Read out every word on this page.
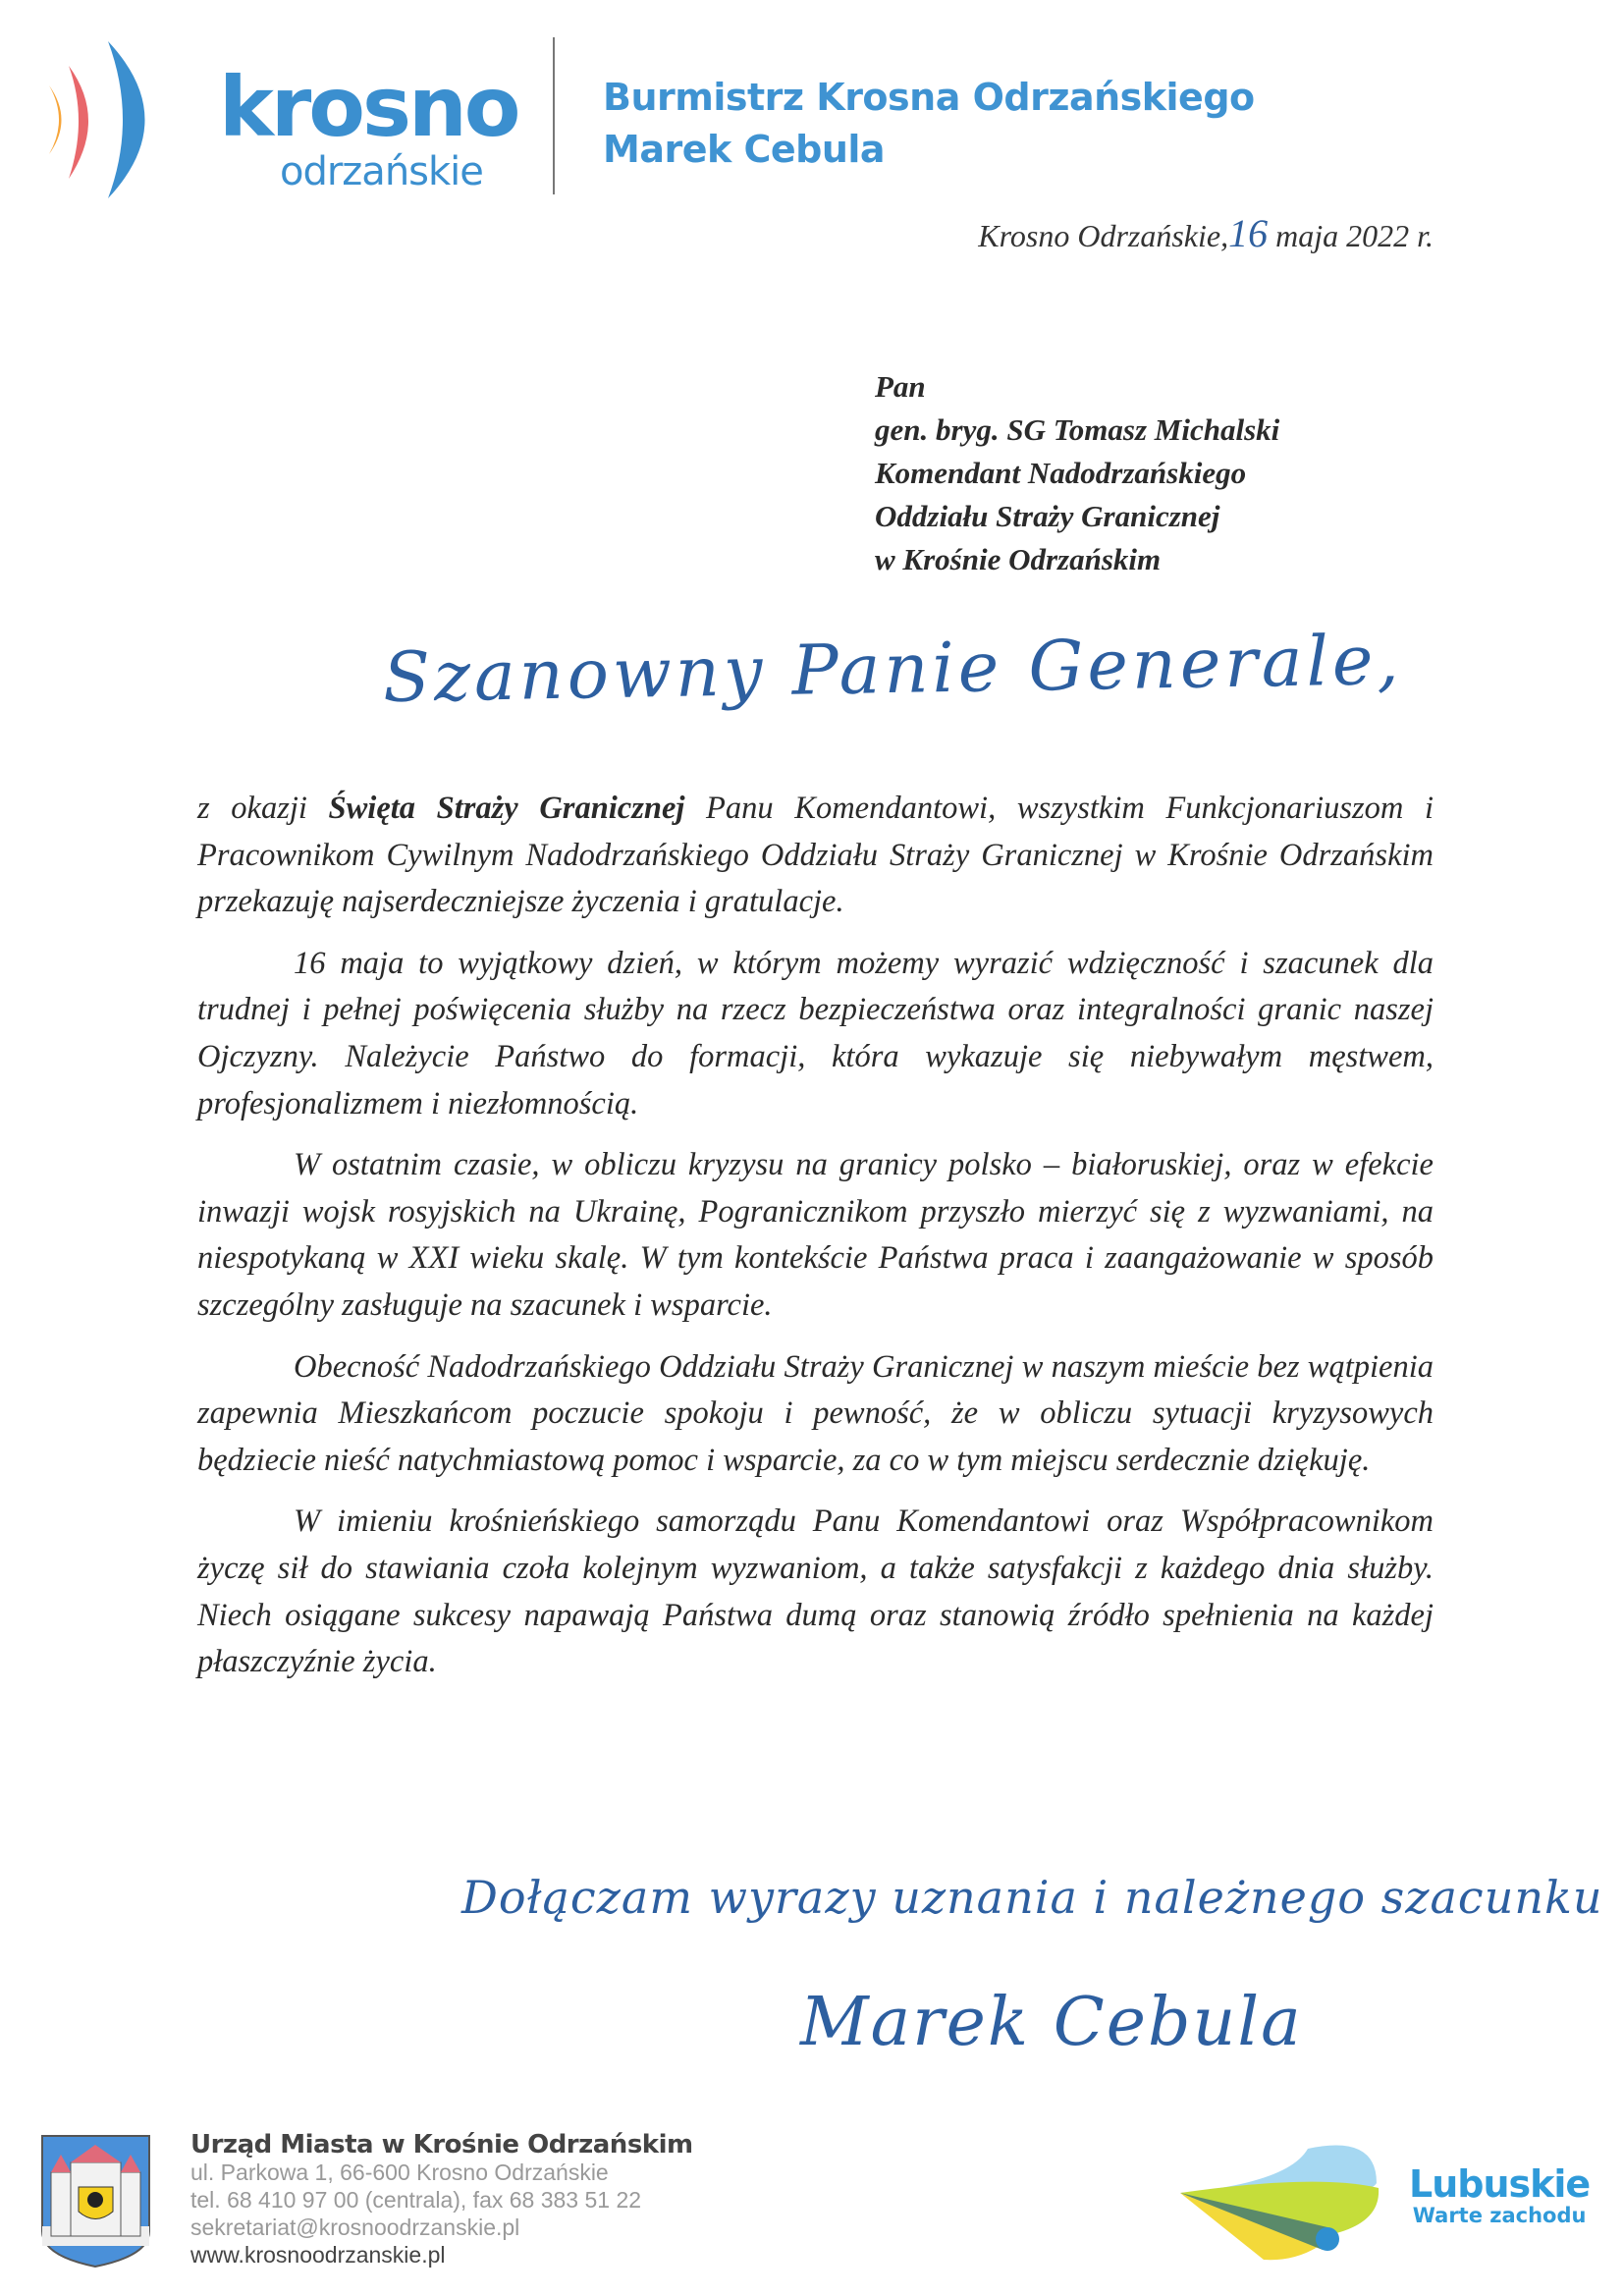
krosno
odrzańskie
Burmistrz Krosna Odrzańskiego
Marek Cebula
Krosno Odrzańskie,16 maja 2022 r.
Pan
gen. bryg. SG Tomasz Michalski
Komendant Nadodrzańskiego
Oddziału Straży Granicznej
w Krośnie Odrzańskim
Szanowny Panie Generale,

z okazji Święta Straży Granicznej Panu Komendantowi, wszystkim Funkcjonariuszom i Pracownikom Cywilnym Nadodrzańskiego Oddziału Straży Granicznej w Krośnie Odrzańskim przekazuję najserdeczniejsze życzenia i gratulacje.

16 maja to wyjątkowy dzień, w którym możemy wyrazić wdzięczność i szacunek dla trudnej i pełnej poświęcenia służby na rzecz bezpieczeństwa oraz integralności granic naszej Ojczyzny. Należycie Państwo do formacji, która wykazuje się niebywałym męstwem, profesjonalizmem i niezłomnością.

W ostatnim czasie, w obliczu kryzysu na granicy polsko – białoruskiej, oraz w efekcie inwazji wojsk rosyjskich na Ukrainę, Pogranicznikom przyszło mierzyć się z wyzwaniami, na niespotykaną w XXI wieku skalę. W tym kontekście Państwa praca i zaangażowanie w sposób szczególny zasługuje na szacunek i wsparcie.

Obecność Nadodrzańskiego Oddziału Straży Granicznej w naszym mieście bez wątpienia zapewnia Mieszkańcom poczucie spokoju i pewność, że w obliczu sytuacji kryzysowych będziecie nieść natychmiastową pomoc i wsparcie, za co w tym miejscu serdecznie dziękuję.

W imieniu krośnieńskiego samorządu Panu Komendantowi oraz Współpracownikom życzę sił do stawiania czoła kolejnym wyzwaniom, a także satysfakcji z każdego dnia służby. Niech osiągane sukcesy napawają Państwa dumą oraz stanowią źródło spełnienia na każdej płaszczyźnie życia.

Dołączam wyrazy uznania i należnego szacunku
Marek Cebula
Urząd Miasta w Krośnie Odrzańskim
ul. Parkowa 1, 66-600 Krosno Odrzańskie
tel. 68 410 97 00 (centrala), fax 68 383 51 22
sekretariat@krosnoodrzanskie.pl
www.krosnoodrzanskie.pl
Lubuskie
Warte zachodu
